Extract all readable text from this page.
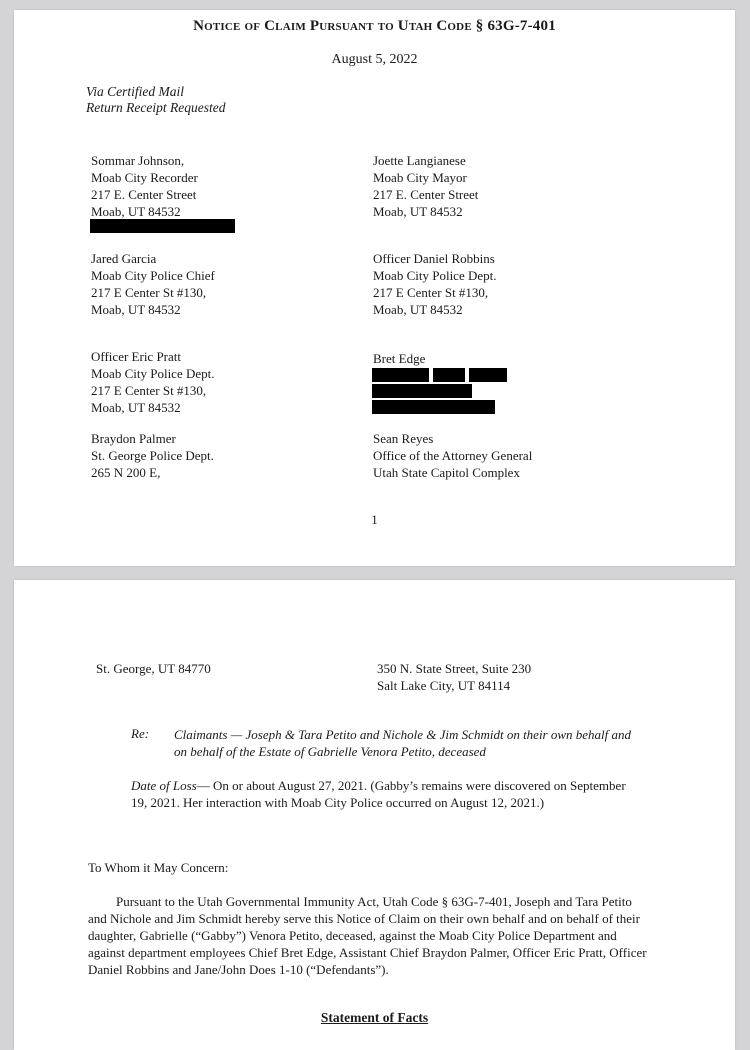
Notice of Claim Pursuant to Utah Code § 63G-7-401

August 5, 2022

Via Certified Mail

Return Receipt Requested

Sommar Johnson,
Moab City Recorder
217 E. Center Street
Moab, UT 84532
Jared Garcia
Moab City Police Chief
217 E Center St #130,
Moab, UT 84532
Officer Eric Pratt
Moab City Police Dept.
217 E Center St #130,
Moab, UT 84532
Braydon Palmer
St. George Police Dept.
265 N 200 E,
Joette Langianese
Moab City Mayor
217 E. Center Street
Moab, UT 84532
Officer Daniel Robbins
Moab City Police Dept.
217 E Center St #130,
Moab, UT 84532
Bret Edge
Sean Reyes
Office of the Attorney General
Utah State Capitol Complex

1

St. George, UT 84770	350 N. State Street, Suite 230
Salt Lake City, UT 84114

Re: Claimants — Joseph & Tara Petito and Nichole & Jim Schmidt on their own behalf and on behalf of the Estate of Gabrielle Venora Petito, deceased

Date of Loss— On or about August 27, 2021. (Gabby’s remains were discovered on September 19, 2021. Her interaction with Moab City Police occurred on August 12, 2021.)

To Whom it May Concern:

Pursuant to the Utah Governmental Immunity Act, Utah Code § 63G-7-401, Joseph and Tara Petito and Nichole and Jim Schmidt hereby serve this Notice of Claim on their own behalf and on behalf of their daughter, Gabrielle (“Gabby”) Venora Petito, deceased, against the Moab City Police Department and against department employees Chief Bret Edge, Assistant Chief Braydon Palmer, Officer Eric Pratt, Officer Daniel Robbins and Jane/John Does 1-10 (“Defendants”).

Statement of Facts
